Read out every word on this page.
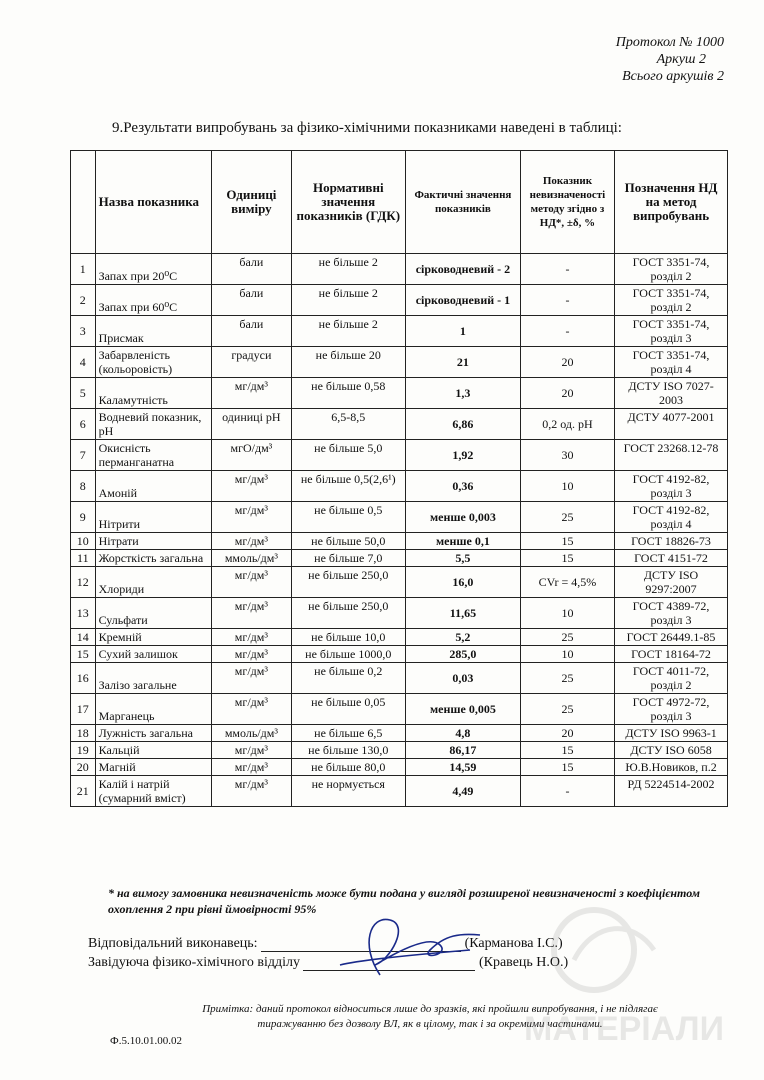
Протокол № 1000
Аркуш 2
Всього аркушів 2
9.Результати випробувань за фізико-хімічними показниками наведені в таблиці:
	Назва показника	Одиниці виміру	Нормативні значення показників (ГДК)	Фактичні значення показників	Показник невизначеності методу згідно з НД*, ±δ, %	Позначення НД на метод випробувань
1	Запах при 20⁰С	бали	не більше 2	сірководневий - 2	-	ГОСТ 3351-74, розділ 2
2	Запах при 60⁰С	бали	не більше 2	сірководневий - 1	-	ГОСТ 3351-74, розділ 2
3	Присмак	бали	не більше 2	1	-	ГОСТ 3351-74, розділ 3
4	Забарвленість (кольоровість)	градуси	не більше 20	21	20	ГОСТ 3351-74, розділ 4
5	Каламутність	мг/дм³	не більше 0,58	1,3	20	ДСТУ ISO 7027-2003
6	Водневий показник, рН	одиниці рН	6,5-8,5	6,86	0,2 од. рН	ДСТУ 4077-2001
7	Окисність перманганатна	мгО/дм³	не більше 5,0	1,92	30	ГОСТ 23268.12-78
8	Амоній	мг/дм³	не більше 0,5(2,6¹)	0,36	10	ГОСТ 4192-82, розділ 3
9	Нітрити	мг/дм³	не більше 0,5	менше 0,003	25	ГОСТ 4192-82, розділ 4
10	Нітрати	мг/дм³	не більше 50,0	менше 0,1	15	ГОСТ 18826-73
11	Жорсткість загальна	ммоль/дм³	не більше 7,0	5,5	15	ГОСТ 4151-72
12	Хлориди	мг/дм³	не більше 250,0	16,0	CVr = 4,5%	ДСТУ ISO 9297:2007
13	Сульфати	мг/дм³	не більше 250,0	11,65	10	ГОСТ 4389-72, розділ 3
14	Кремній	мг/дм³	не більше 10,0	5,2	25	ГОСТ 26449.1-85
15	Сухий залишок	мг/дм³	не більше 1000,0	285,0	10	ГОСТ 18164-72
16	Залізо загальне	мг/дм³	не більше 0,2	0,03	25	ГОСТ 4011-72, розділ 2
17	Марганець	мг/дм³	не більше 0,05	менше 0,005	25	ГОСТ 4972-72, розділ 3
18	Лужність загальна	ммоль/дм³	не більше 6,5	4,8	20	ДСТУ ISO 9963-1
19	Кальцій	мг/дм³	не більше 130,0	86,17	15	ДСТУ ISO 6058
20	Магній	мг/дм³	не більше 80,0	14,59	15	Ю.В.Новиков, п.2
21	Калій і натрій (сумарний вміст)	мг/дм³	не нормується	4,49	-	РД 5224514-2002
* на вимогу замовника невизначеність може бути подана у вигляді розширеної невизначеності з коефіцієнтом охоплення 2 при рівні ймовірності 95%
Відповідальний виконавець:	(Карманова І.С.)
Завідуюча фізико-хімічного відділу	(Кравець Н.О.)
Примітка: даний протокол відноситься лише до зразків, які пройшли випробування, і не підлягає тиражуванню без дозволу ВЛ, як в цілому, так і за окремими частинами.
Ф.5.10.01.00.02	МАТЕРІАЛИ
